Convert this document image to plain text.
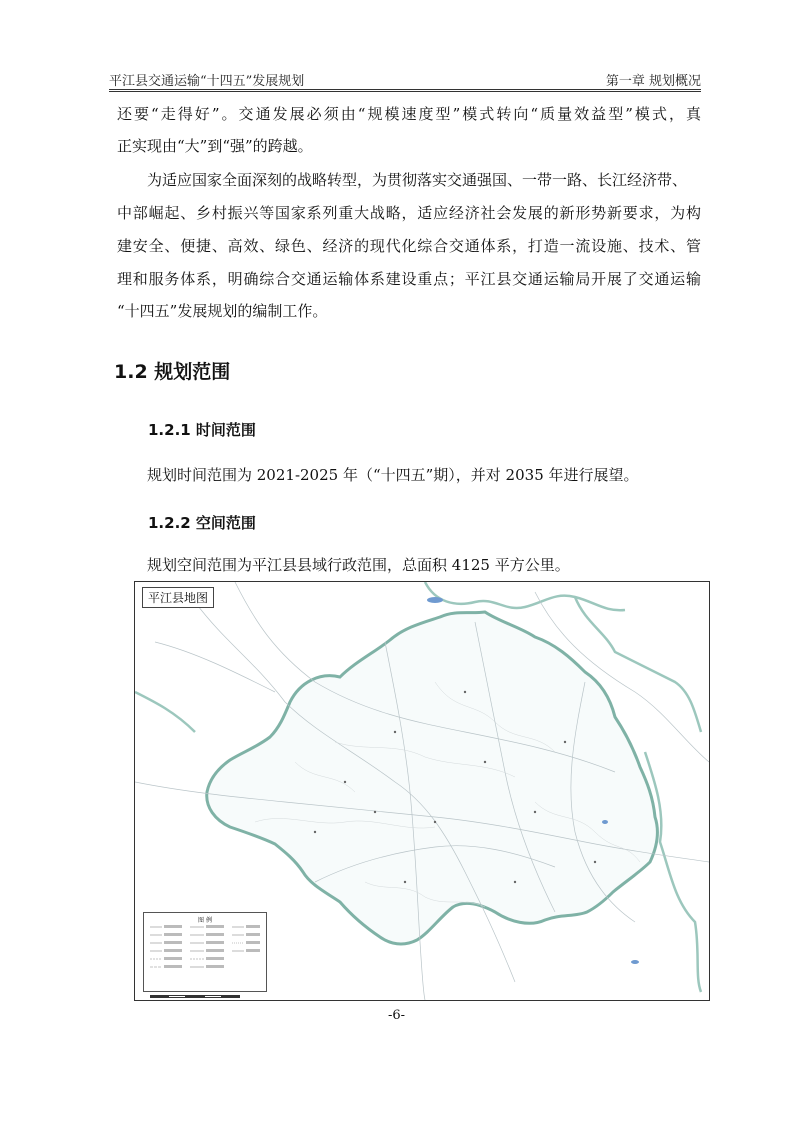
平江县交通运输“十四五”发展规划	第一章 规划概况
还要“走得好”。交通发展必须由“规模速度型”模式转向“质量效益型”模式，真
正实现由“大”到“强”的跨越。
为适应国家全面深刻的战略转型，为贯彻落实交通强国、一带一路、长江经济带、
中部崛起、乡村振兴等国家系列重大战略，适应经济社会发展的新形势新要求，为构
建安全、便捷、高效、绿色、经济的现代化综合交通体系，打造一流设施、技术、管
理和服务体系，明确综合交通运输体系建设重点；平江县交通运输局开展了交通运输
“十四五”发展规划的编制工作。
1.2 规划范围
1.2.1 时间范围
规划时间范围为 2021-2025 年（“十四五”期），并对 2035 年进行展望。
1.2.2 空间范围
规划空间范围为平江县县域行政范围，总面积 4125 平方公里。
平江县地图
图 例
-6-
